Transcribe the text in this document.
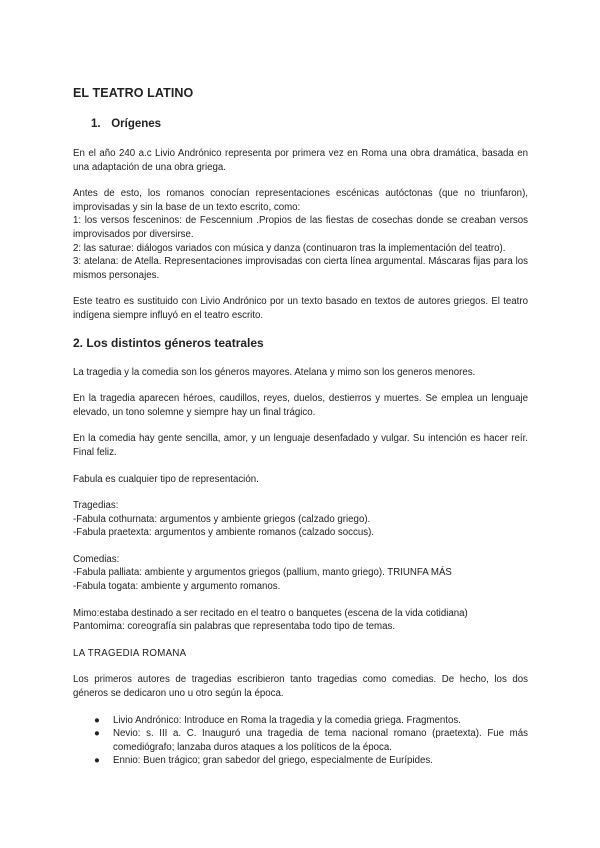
EL TEATRO LATINO
1. Orígenes

En el año 240 a.c Livio Andrónico representa por primera vez en Roma una obra dramática, basada en una adaptación de una obra griega.

Antes de esto, los romanos conocían representaciones escénicas autóctonas (que no triunfaron), improvisadas y sin la base de un texto escrito, como:
1: los versos fesceninos: de Fescennium .Propios de las fiestas de cosechas donde se creaban versos improvisados por diversirse.
2: las saturae: diálogos variados con música y danza (continuaron tras la implementación del teatro).
3: atelana: de Atella. Representaciones improvisadas con cierta línea argumental. Máscaras fijas para los mismos personajes.

Este teatro es sustituido con Livio Andrónico por un texto basado en textos de autores griegos. El teatro indígena siempre influyó en el teatro escrito.

2. Los distintos géneros teatrales

La tragedia y la comedia son los géneros mayores. Atelana y mimo son los generos menores.

En la tragedia aparecen héroes, caudillos, reyes, duelos, destierros y muertes. Se emplea un lenguaje elevado, un tono solemne y siempre hay un final trágico.

En la comedia hay gente sencilla, amor, y un lenguaje desenfadado y vulgar. Su intención es hacer reír. Final feliz.

Fabula es cualquier tipo de representación.

Tragedias:
-Fabula cothurnata: argumentos y ambiente griegos (calzado griego).
-Fabula praetexta: argumentos y ambiente romanos (calzado soccus).
Comedias:
-Fabula palliata: ambiente y argumentos griegos (pallium, manto griego). TRIUNFA MÁS
-Fabula togata: ambiente y argumento romanos.
Mimo:estaba destinado a ser recitado en el teatro o banquetes (escena de la vida cotidiana)
Pantomima: coreografía sin palabras que representaba todo tipo de temas.
LA TRAGEDIA ROMANA

Los primeros autores de tragedias escribieron tanto tragedias como comedias. De hecho, los dos géneros se dedicaron uno u otro según la época.

● Livio Andrónico: Introduce en Roma la tragedia y la comedia griega. Fragmentos.
● Nevio: s. III a. C. Inauguró una tragedia de tema nacional romano (praetexta). Fue más comediógrafo; lanzaba duros ataques a los políticos de la época.
● Ennio: Buen trágico; gran sabedor del griego, especialmente de Eurípides.
